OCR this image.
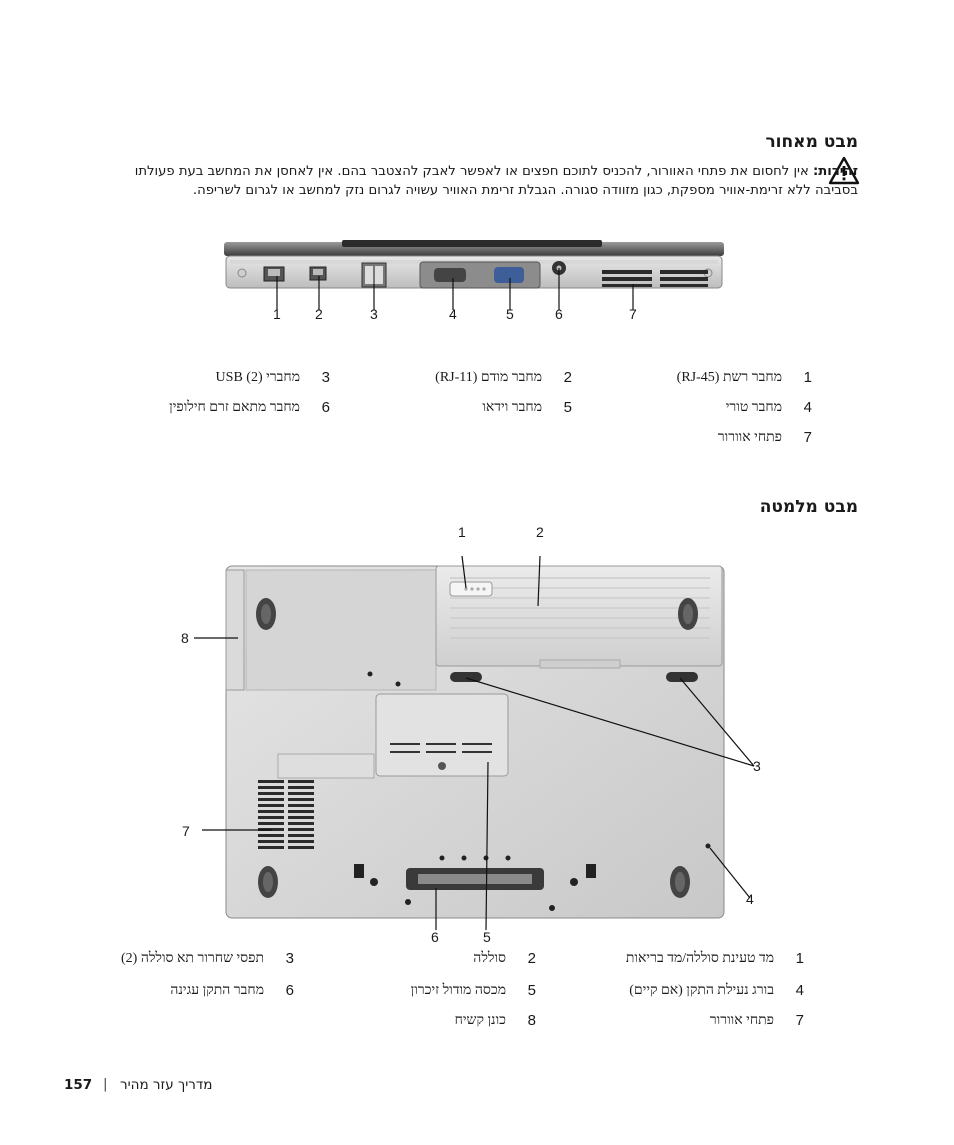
מבט מאחור
זהירות: אין לחסום את פתחי האוורור, להכניס לתוכם חפצים או לאפשר לאבק להצטבר בהם. אין לאחסן את המחשב בעת פעולתו בסביבה ללא זרימת-אוויר מספקת, כגון מזוודה סגורה. הגבלת זרימת האוויר עשויה לגרום נזק למחשב או לגרום לשריפה.
1 2	3	4	5	6	7
1
מחבר רשת (RJ-45)
2
מחבר מודם (RJ-11)
3
מחברי USB (2)
4
מחבר טורי
5
מחבר וידאו
6
מחבר מתאם זרם חילופין
7
פתחי אוורור
מבט מלמטה
1	2
3
4
5
6
7
8
1
מד טעינת סוללה/מד בריאות
2
סוללה
3
תפסי שחרור תא סוללה (2)
4
בורג נעילת התקן (אם קיים)
5
מכסה מודול זיכרון
6
מחבר התקן עגינה
7
פתחי אוורור
8
כונן קשיח
157 | מדריך עזר מהיר
